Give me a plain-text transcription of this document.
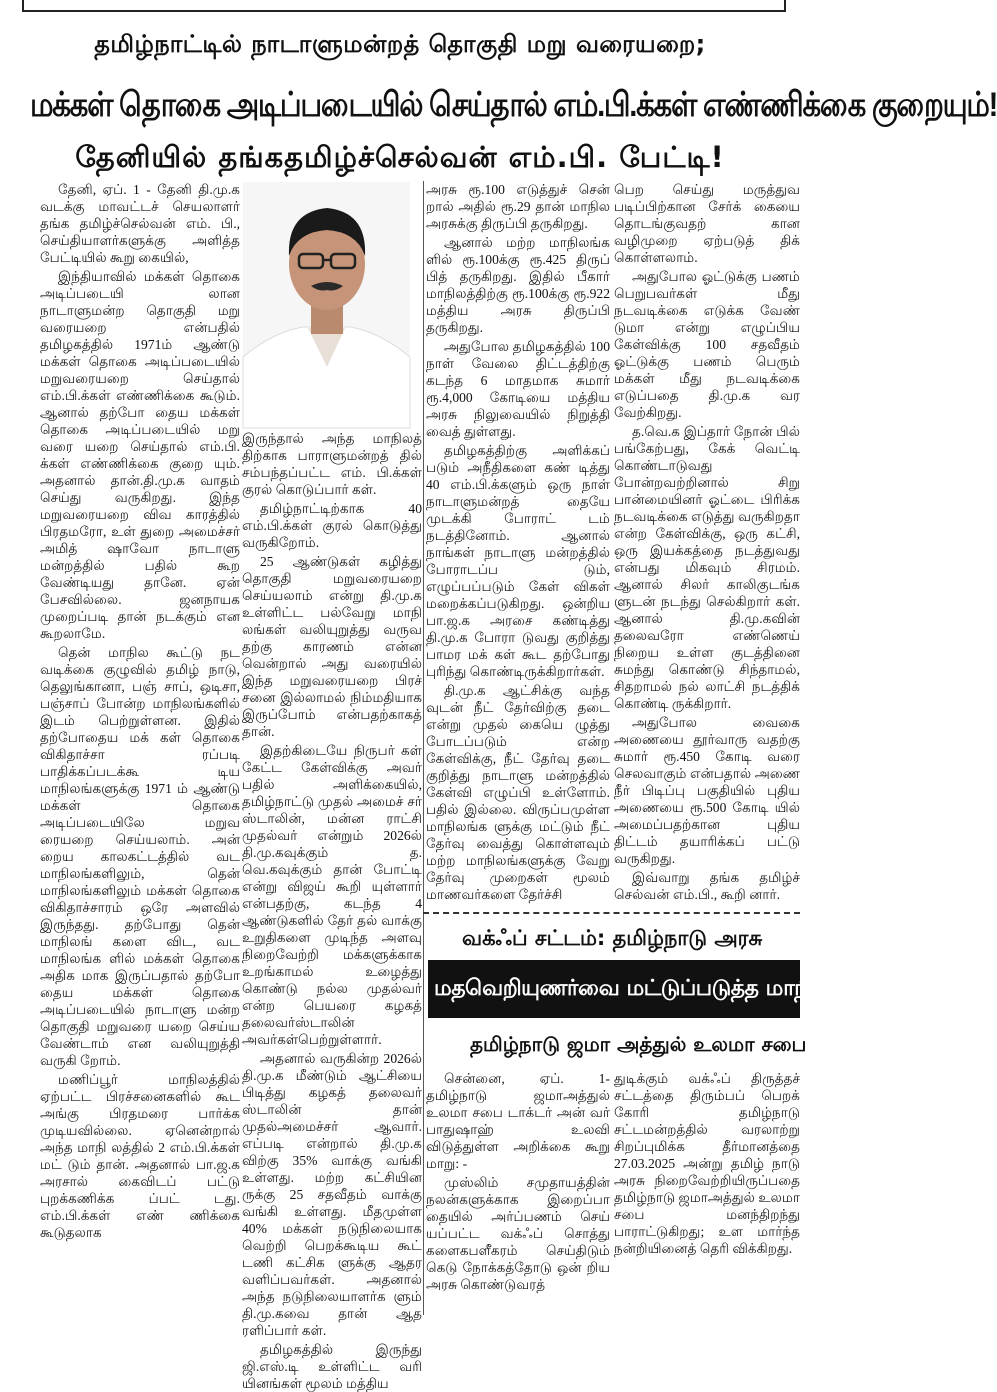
தமிழ்நாட்டில் நாடாளுமன்றத் தொகுதி மறு வரையறை;
மக்கள் தொகை அடிப்படையில் செய்தால் எம்.பி.க்கள் எண்ணிக்கை குறையும்!
தேனியில் தங்கதமிழ்ச்செல்வன் எம்.பி. பேட்டி!

தேனி, ஏப். 1 - தேனி தி.மு.க வடக்கு மாவட்டச் செயலாளர் தங்க தமிழ்ச்செல்வன் எம். பி., செய்தியாளர்களுக்கு அளித்த பேட்டியில் கூறு கையில்,

இந்தியாவில் மக்கள் தொகை அடிப்படையி லான நாடாளுமன்ற தொகுதி மறு வரையறை என்பதில் தமிழகத்தில் 1971ம் ஆண்டு மக்கள் தொகை அடிப்படையில் மறுவரையறை செய்தால் எம்.பி.க்கள் எண்ணிக்கை கூடும். ஆனால் தற்போ தைய மக்கள் தொகை அடிப்படையில் மறு வரை யறை செய்தால் எம்.பி. க்கள் எண்ணிக்கை குறை யும். அதனால் தான்.தி.மு.க வாதம் செய்து வருகிறது. இந்த மறுவரையறை விவ காரத்தில் பிரதமரோ, உள் துறை அமைச்சர் அமித் ஷாவோ நாடாளு மன்றத்தில் பதில் கூற வேண்டியது தானே. ஏன் பேசவில்லை. ஜனநாயக முறைப்படி தான் நடக்கும் என கூறலாமே.

தென் மாநில கூட்டு நட வடிக்கை குழுவில் தமிழ் நாடு, தெலுங்கானா, பஞ் சாப், ஒடிசா, பஞ்சாப் போன்ற மாநிலங்களில் இடம் பெற்றுள்ளன. இதில் தற்போதைய மக் கள் தொகை விகிதாச்சா ரப்படி பாதிக்கப்படக்கூ டிய மாநிலங்களுக்கு 1971 ம் ஆண்டு மக்கள் தொகை அடிப்படையிலே மறுவ ரையறை செய்யலாம். அன் றைய காலகட்டத்தில் வட மாநிலங்களிலும், தென் மாநிலங்களிலும் மக்கள் தொகை விகிதாச்சாரம் ஒரே அளவில் இருந்தது. தற்போது தென் மாநிலங் களை விட, வட மாநிலங்க ளில் மக்கள் தொகை அதிக மாக இருப்பதால் தற்போ தைய மக்கள் தொகை அடிப்படையில் நாடாளு மன்ற தொகுதி மறுவரை யறை செய்ய வேண்டாம் என வலியுறுத்தி வருகி றோம்.

மணிப்பூர் மாநிலத்தில் ஏற்பட்ட பிரச்சனைகளில் கூட அங்கு பிரதமரை பார்க்க முடியவில்லை. ஏனென்றால் அந்த மாநி லத்தில் 2 எம்.பி.க்கள் மட் டும் தான். அதனால் பா.ஜ.க அரசால் கைவிடப் பட்டு புறக்கணிக்க ப்பட் டது. எம்.பி.க்கள் எண் ணிக்கை கூடுதலாக

இருந்தால் அந்த மாநிலத் திற்காக பாராளுமன்றத் தில் சம்பந்தப்பட்ட எம். பி.க்கள் குரல் கொடுப்பார் கள்.

தமிழ்நாட்டிற்காக 40 எம்.பி.க்கள் குரல் கொடுத்து வருகிறோம்.

25 ஆண்டுகள் கழித்து தொகுதி மறுவரையறை செய்யலாம் என்று தி.மு.க உள்ளிட்ட பல்வேறு மாநி லங்கள் வலியுறுத்து வருவ தற்கு காரணம் என்ன வென்றால் அது வரையில் இந்த மறுவரையறை பிரச் சனை இல்லாமல் நிம்மதியாக இருப்போம் என்பதற்காகத் தான்.

இதற்கிடையே நிருபர் கள் கேட்ட கேள்விக்கு அவர் பதில் அளிக்கையில், தமிழ்நாட்டு முதல் அமைச் சர் ஸ்டாலின், மன்ன ராட்சி முதல்வர் என்றும் 2026ல் தி.மு.கவுக்கும் த. வெ.கவுக்கும் தான் போட்டி என்று விஜய் கூறி யுள்ளார் என்பதற்கு, கடந்த 4 ஆண்டுகளில் தேர் தல் வாக்கு உறுதிகளை முடிந்த அளவு நிறைவேற்றி மக்களுக்காக உறங்காமல் உழைத்து கொண்டு நல்ல முதல்வர் என்ற பெயரை கழகத் தலைவர்ஸ்டாலின் அவர்கள்பெற்றுள்ளார்.

அதனால் வருகின்ற 2026ல் தி.மு.க மீண்டும் ஆட்சியை பிடித்து கழகத் தலைவர் ஸ்டாலின் தான் முதல்அமைச்சர் ஆவார். எப்படி என்றால் தி.மு.க விற்கு 35% வாக்கு வங்கி உள்ளது. மற்ற கட்சியின ருக்கு 25 சதவீதம் வாக்கு வங்கி உள்ளது. மீதமுள்ள 40% மக்கள் நடுநிலையாக வெற்றி பெறக்கூடிய கூட் டணி கட்சிக ளுக்கு ஆதர வளிப்பவர்கள். அதனால் அந்த நடுநிலையாளர்க ளும் தி.மு.கவை தான் ஆத ரளிப்பார் கள்.

தமிழகத்தில் இருந்து ஜி.எஸ்.டி உள்ளிட்ட வரி யினங்கள் மூலம் மத்திய

அரசு ரூ.100 எடுத்துச் சென் றால் அதில் ரூ.29 தான் மாநில அரசுக்கு திருப்பி தருகிறது.

ஆனால் மற்ற மாநிலங்க ளில் ரூ.100க்கு ரூ.425 திருப் பித் தருகிறது. இதில் பீகார் மாநிலத்திற்கு ரூ.100க்கு ரூ.922 மத்திய அரசு திருப்பி தருகிறது.

அதுபோல தமிழகத்தில் 100 நாள் வேலை திட்டத்திற்கு கடந்த 6 மாதமாக சுமார் ரூ.4,000 கோடியை மத்திய அரசு நிலுவையில் நிறுத்தி வைத் துள்ளது.

தமிழகத்திற்கு அளிக்கப் படும் அநீதிகளை கண் டித்து 40 எம்.பி.க்களும் ஒரு நாள் நாடாளுமன்றத் தையே முடக்கி போராட் டம் நடத்தினோம். ஆனால் நாங்கள் நாடாளு மன்றத்தில் போராடப்ப டும், எழுப்பப்படும் கேள் விகள் மறைக்கப்படுகிறது. ஒன்றிய பா.ஜ.க அரசை கண்டித்து தி.மு.க போரா டுவது குறித்து பாமர மக் கள் கூட தற்போது புரிந்து கொண்டிருக்கிறார்கள்.

தி.மு.க ஆட்சிக்கு வந்த வுடன் நீட் தேர்விற்கு தடை என்று முதல் கையெ ழுத்து போடப்படும் என்ற கேள்விக்கு, நீட் தேர்வு தடை குறித்து நாடாளு மன்றத்தில் கேள்வி எழுப்பி உள்ளோம். பதில் இல்லை. விருப்பமுள்ள மாநிலங்க ளுக்கு மட்டும் நீட் தேர்வு வைத்து கொள்ளவும் மற்ற மாநிலங்களுக்கு வேறு தேர்வு முறைகள் மூலம் மாணவர்களை தேர்ச்சி

பெற செய்து மருத்துவ படிப்பிற்கான சேர்க் கையை தொடங்குவதற் கான வழிமுறை ஏற்படுத் திக் கொள்ளலாம்.

அதுபோல ஓட்டுக்கு பணம் பெறுபவர்கள் மீது நடவடிக்கை எடுக்க வேண் டுமா என்று எழுப்பிய கேள்விக்கு 100 சதவீதம் ஓட்டுக்கு பணம் பெரும் மக்கள் மீது நடவடிக்கை எடுப்பதை தி.மு.க வர வேற்கிறது.

த.வெ.க இப்தார் நோன் பில் பங்கேற்பது, கேக் வெட்டி கொண்டாடுவது போன்றவற்றினால் சிறு பான்மையினர் ஓட்டை பிரிக்க நடவடிக்கை எடுத்து வருகிறதா என்ற கேள்விக்கு, ஒரு கட்சி, ஒரு இயக்கத்தை நடத்துவது என்பது மிகவும் சிரமம். ஆனால் சிலர் காலிகுடங்க ளுடன் நடந்து செல்கிறார் கள். ஆனால் தி.மு.கவின் தலைவரோ எண்ணெய் நிறைய உள்ள குடத்தினை சுமந்து கொண்டு சிந்தாமல், சிதறாமல் நல் லாட்சி நடத்திக் கொண்டி ருக்கிறார்.

அதுபோல வைகை அணையை தூர்வாரு வதற்கு சுமார் ரூ.450 கோடி வரை செலவாகும் என்பதால் அணை நீர் பிடிப்பு பகுதியில் புதிய அணையை ரூ.500 கோடி யில் அமைப்பதற்கான புதிய திட்டம் தயாரிக்கப் பட்டு வருகிறது.

இவ்வாறு தங்க தமிழ்ச் செல்வன் எம்.பி., கூறி னார்.

வக்ஃப் சட்டம்: தமிழ்நாடு அரசு
மதவெறியுணர்வை மட்டுப்படுத்த மாநில அரசுகள்
தமிழ்நாடு ஜமா அத்துல் உலமா சபை

சென்னை, ஏப். 1- தமிழ்நாடு ஜமாஅத்துல் உலமா சபை டாக்டர் அன் வர் பாதுஷாஹ் உலவி விடுத்துள்ள அறிக்கை கூறு மாறு: -

முஸ்லிம் சமுதாயத்தின் நலன்களுக்காக இறைப்பா தையில் அர்ப்பணம் செய் யப்பட்ட வக்ஃப் சொத்து களைகபளீகரம் செய்திடும் கெடு நோக்கத்தோடு ஒன் றிய அரசு கொண்டுவரத்

துடிக்கும் வக்ஃப் திருத்தச் சட்டத்தை திரும்பப் பெறக் கோரி தமிழ்நாடு சட்டமன்றத்தில் வரலாற்று சிறப்புமிக்க தீர்மானத்தை 27.03.2025 அன்று தமிழ் நாடு அரசு நிறைவேற்றியிருப்பதை தமிழ்நாடு ஜமாஅத்துல் உலமா சபை மனந்திறந்து பாராட்டுகிறது; உள மார்ந்த நன்றியினைத் தெரி விக்கிறது.
